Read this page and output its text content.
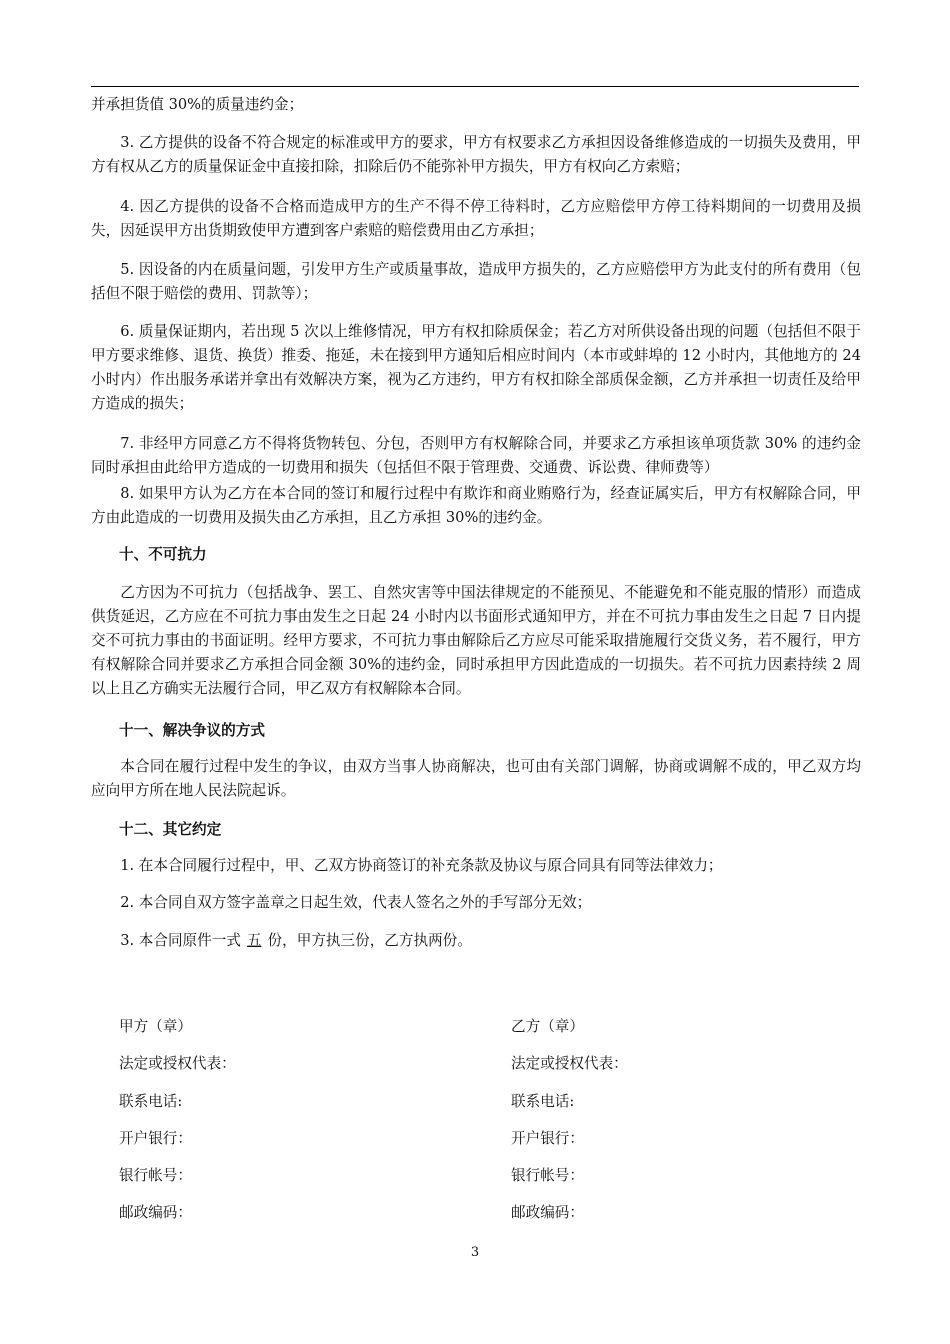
并承担货值 30%的质量违约金；

3. 乙方提供的设备不符合规定的标准或甲方的要求，甲方有权要求乙方承担因设备维修造成的一切损失及费用，甲方有权从乙方的质量保证金中直接扣除，扣除后仍不能弥补甲方损失，甲方有权向乙方索赔；

4. 因乙方提供的设备不合格而造成甲方的生产不得不停工待料时，乙方应赔偿甲方停工待料期间的一切费用及损失，因延误甲方出货期致使甲方遭到客户索赔的赔偿费用由乙方承担；

5. 因设备的内在质量问题，引发甲方生产或质量事故，造成甲方损失的，乙方应赔偿甲方为此支付的所有费用（包括但不限于赔偿的费用、罚款等）；

6. 质量保证期内，若出现 5 次以上维修情况，甲方有权扣除质保金；若乙方对所供设备出现的问题（包括但不限于甲方要求维修、退货、换货）推委、拖延，未在接到甲方通知后相应时间内（本市或蚌埠的 12 小时内，其他地方的 24 小时内）作出服务承诺并拿出有效解决方案，视为乙方违约，甲方有权扣除全部质保金额，乙方并承担一切责任及给甲方造成的损失；

7. 非经甲方同意乙方不得将货物转包、分包，否则甲方有权解除合同，并要求乙方承担该单项货款 30% 的违约金同时承担由此给甲方造成的一切费用和损失（包括但不限于管理费、交通费、诉讼费、律师费等）

8. 如果甲方认为乙方在本合同的签订和履行过程中有欺诈和商业贿赂行为，经查证属实后，甲方有权解除合同，甲方由此造成的一切费用及损失由乙方承担，且乙方承担 30%的违约金。

十、不可抗力

乙方因为不可抗力（包括战争、罢工、自然灾害等中国法律规定的不能预见、不能避免和不能克服的情形）而造成供货延迟，乙方应在不可抗力事由发生之日起 24 小时内以书面形式通知甲方，并在不可抗力事由发生之日起 7 日内提交不可抗力事由的书面证明。经甲方要求，不可抗力事由解除后乙方应尽可能采取措施履行交货义务，若不履行，甲方有权解除合同并要求乙方承担合同金额 30%的违约金，同时承担甲方因此造成的一切损失。若不可抗力因素持续 2 周以上且乙方确实无法履行合同，甲乙双方有权解除本合同。

十一、解决争议的方式

本合同在履行过程中发生的争议，由双方当事人协商解决，也可由有关部门调解，协商或调解不成的，甲乙双方均应向甲方所在地人民法院起诉。

十二、其它约定

1. 在本合同履行过程中，甲、乙双方协商签订的补充条款及协议与原合同具有同等法律效力；

2. 本合同自双方签字盖章之日起生效，代表人签名之外的手写部分无效；

3. 本合同原件一式 五 份，甲方执三份，乙方执两份。

甲方（章）

法定或授权代表：

联系电话:

开户银行：

银行帐号：

邮政编码：

乙方（章）

法定或授权代表：

联系电话:

开户银行：

银行帐号：

邮政编码：

3
